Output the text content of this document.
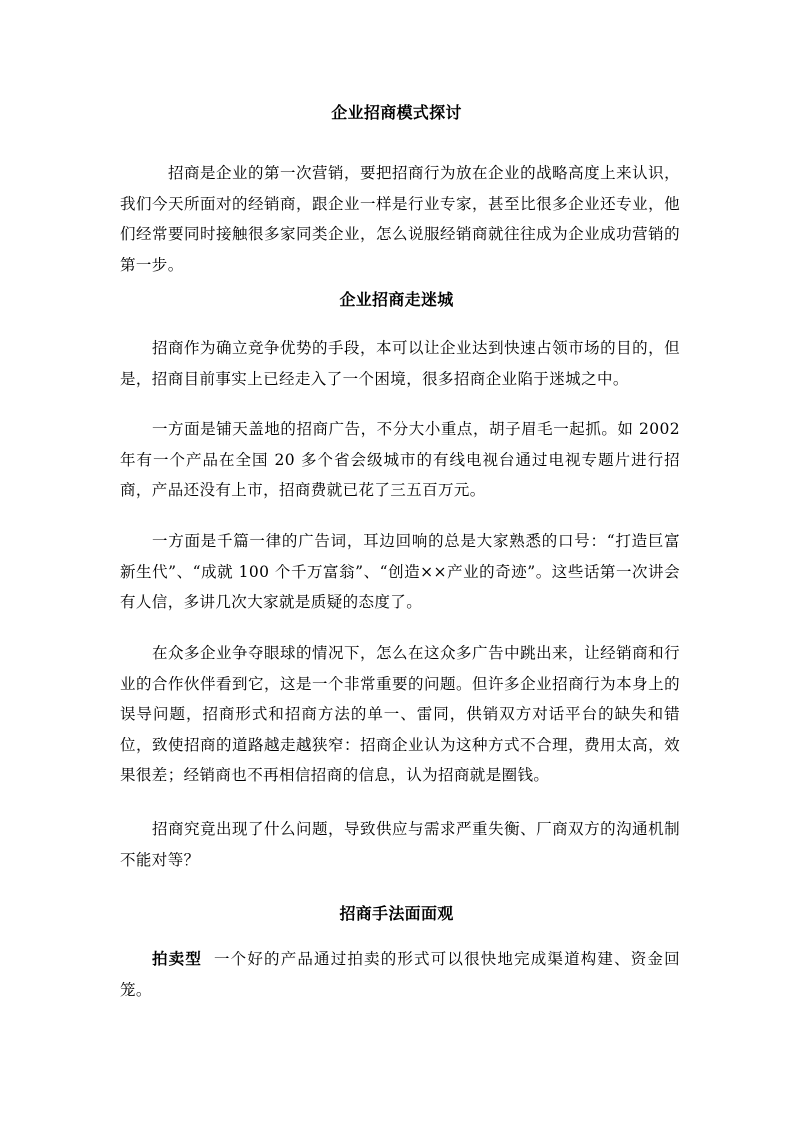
企业招商模式探讨

招商是企业的第一次营销，要把招商行为放在企业的战略高度上来认识，我们今天所面对的经销商，跟企业一样是行业专家，甚至比很多企业还专业，他们经常要同时接触很多家同类企业，怎么说服经销商就往往成为企业成功营销的第一步。

企业招商走迷城

招商作为确立竞争优势的手段，本可以让企业达到快速占领市场的目的，但是，招商目前事实上已经走入了一个困境，很多招商企业陷于迷城之中。

一方面是铺天盖地的招商广告，不分大小重点，胡子眉毛一起抓。如 2002 年有一个产品在全国 20 多个省会级城市的有线电视台通过电视专题片进行招商，产品还没有上市，招商费就已花了三五百万元。

一方面是千篇一律的广告词，耳边回响的总是大家熟悉的口号：“打造巨富新生代”、“成就 100 个千万富翁”、“创造××产业的奇迹”。这些话第一次讲会有人信，多讲几次大家就是质疑的态度了。

在众多企业争夺眼球的情况下，怎么在这众多广告中跳出来，让经销商和行业的合作伙伴看到它，这是一个非常重要的问题。但许多企业招商行为本身上的误导问题，招商形式和招商方法的单一、雷同，供销双方对话平台的缺失和错位，致使招商的道路越走越狭窄：招商企业认为这种方式不合理，费用太高，效果很差；经销商也不再相信招商的信息，认为招商就是圈钱。

招商究竟出现了什么问题，导致供应与需求严重失衡、厂商双方的沟通机制不能对等？

招商手法面面观

拍卖型 一个好的产品通过拍卖的形式可以很快地完成渠道构建、资金回笼。
